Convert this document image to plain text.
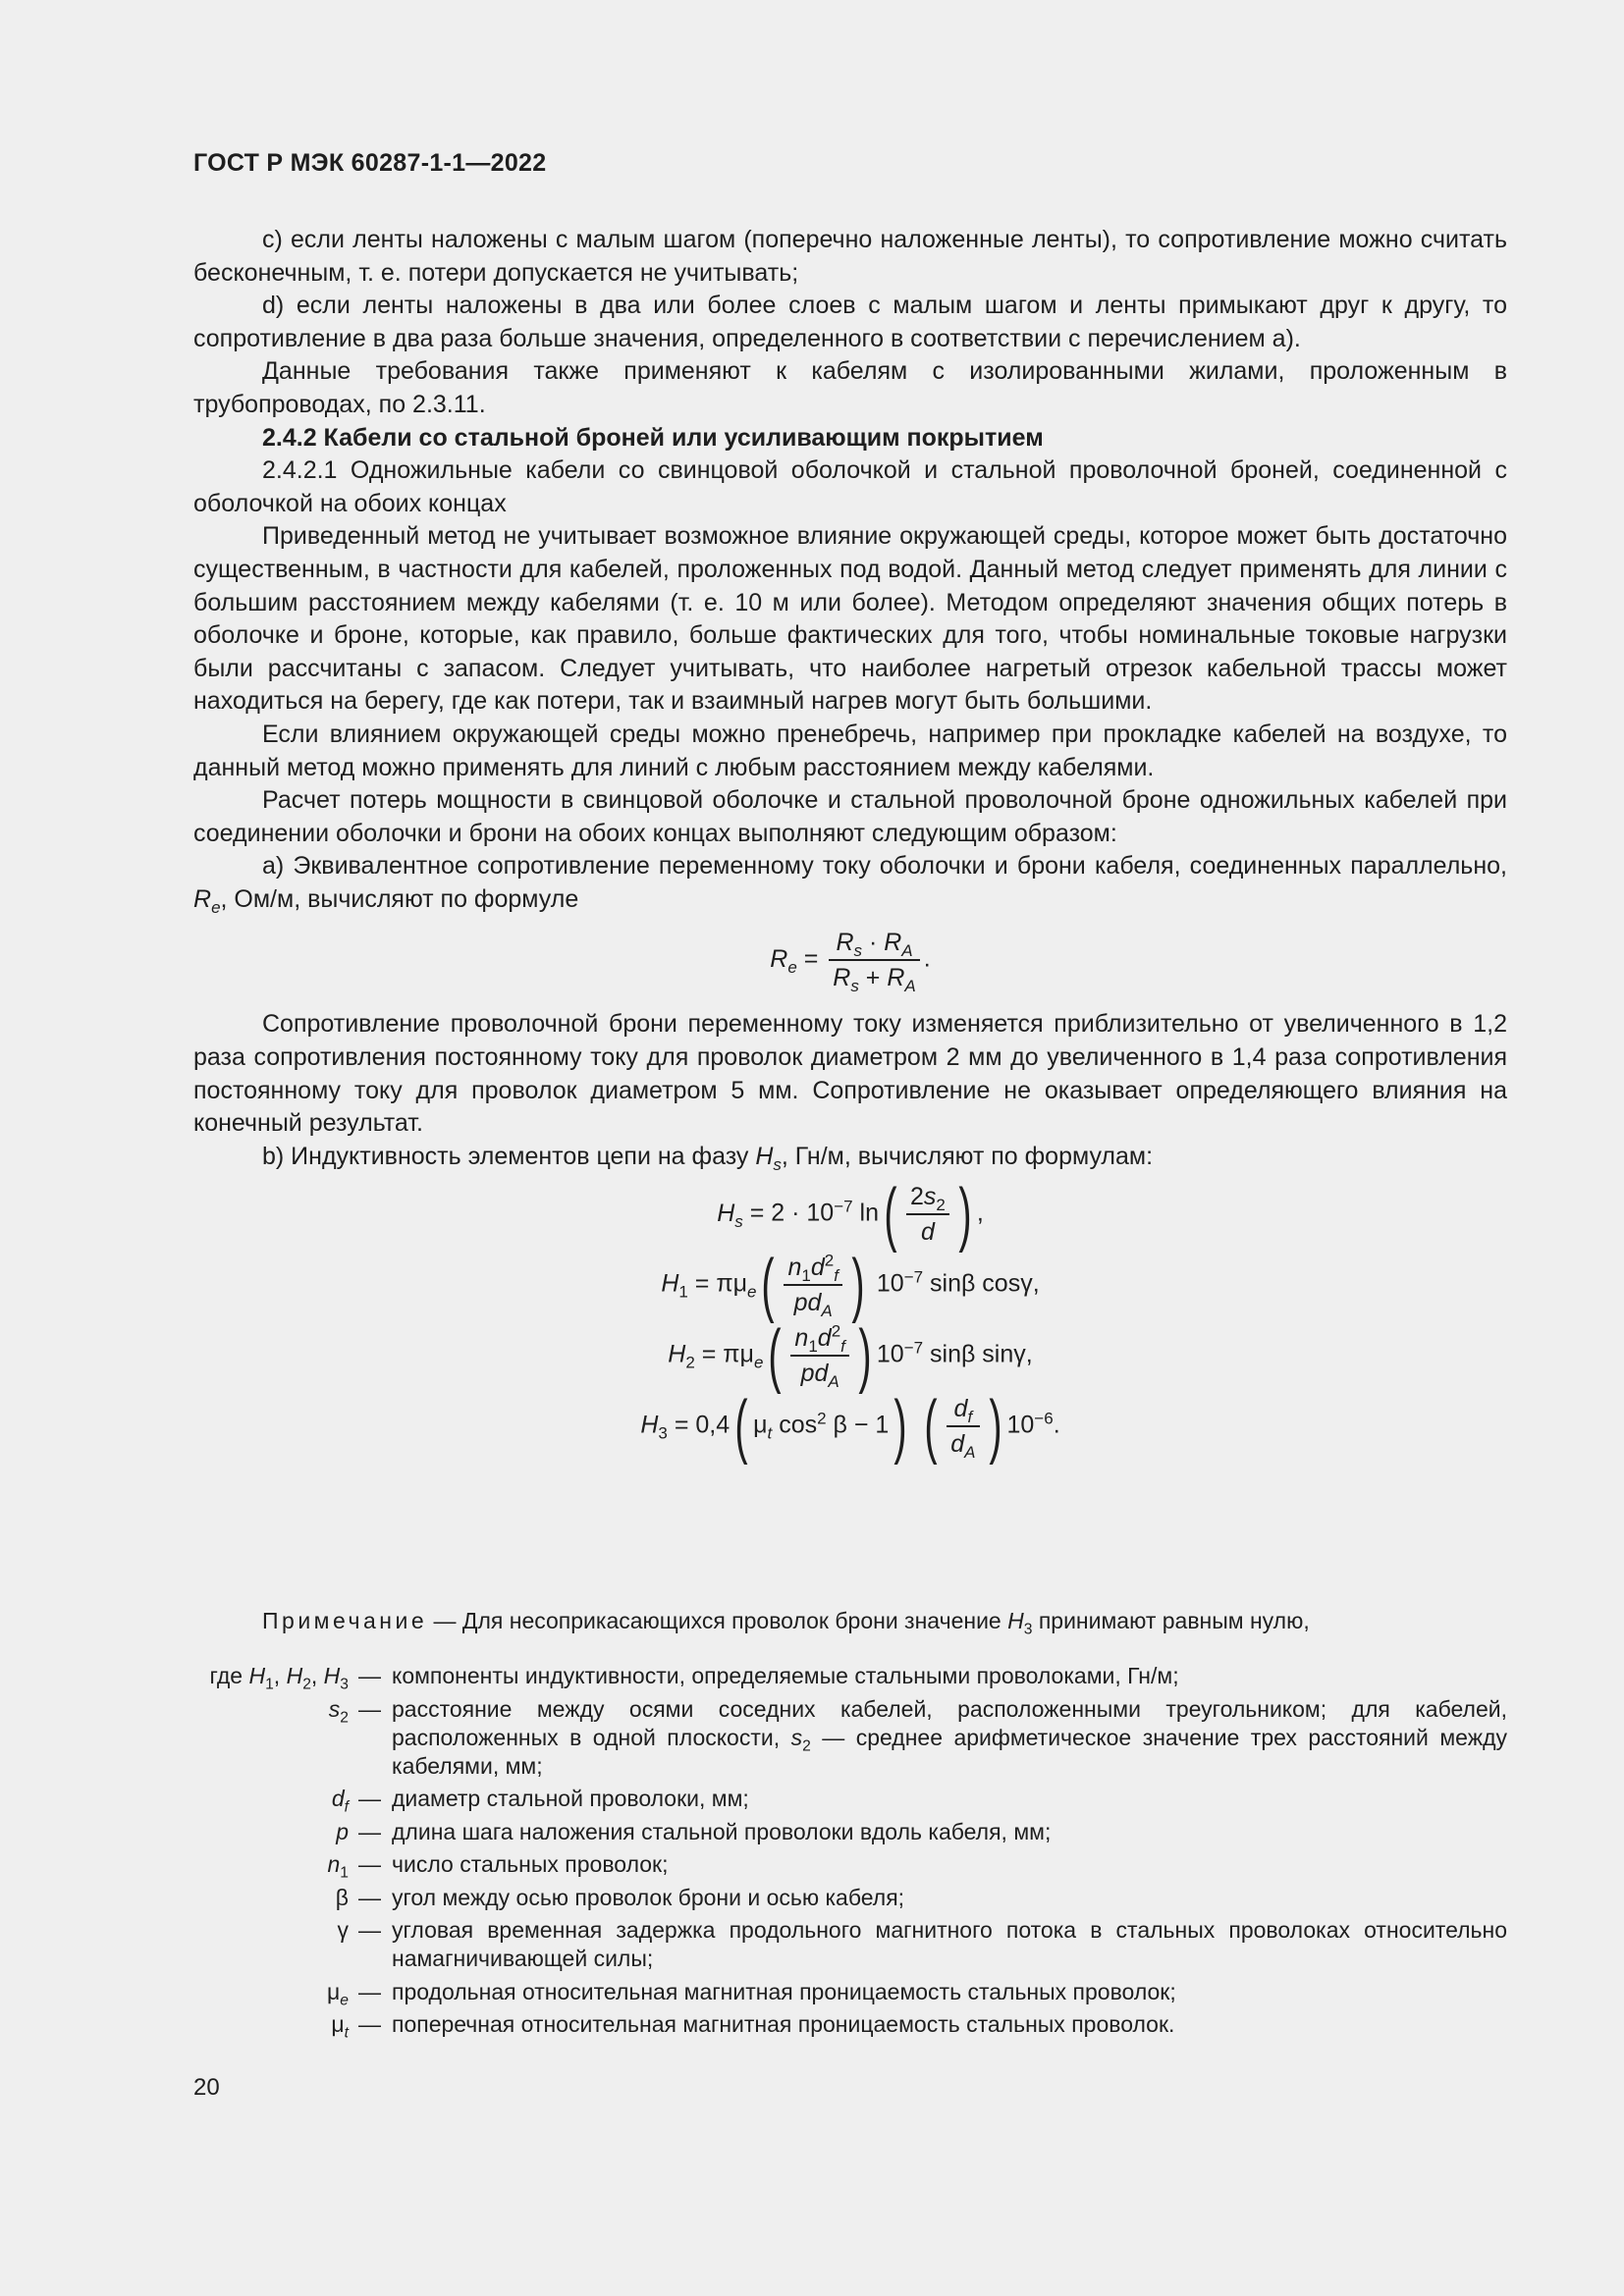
ГОСТ Р МЭК 60287-1-1—2022

c) если ленты наложены с малым шагом (поперечно наложенные ленты), то сопротивление можно считать бесконечным, т. е. потери допускается не учитывать;

d) если ленты наложены в два или более слоев с малым шагом и ленты примыкают друг к другу, то сопротивление в два раза больше значения, определенного в соответствии с перечислением а).

Данные требования также применяют к кабелям с изолированными жилами, проложенным в трубопроводах, по 2.3.11.

2.4.2 Кабели со стальной броней или усиливающим покрытием

2.4.2.1 Одножильные кабели со свинцовой оболочкой и стальной проволочной броней, соединенной с оболочкой на обоих концах

Приведенный метод не учитывает возможное влияние окружающей среды, которое может быть достаточно существенным, в частности для кабелей, проложенных под водой. Данный метод следует применять для линии с большим расстоянием между кабелями (т. е. 10 м или более). Методом определяют значения общих потерь в оболочке и броне, которые, как правило, больше фактических для того, чтобы номинальные токовые нагрузки были рассчитаны с запасом. Следует учитывать, что наиболее нагретый отрезок кабельной трассы может находиться на берегу, где как потери, так и взаимный нагрев могут быть большими.

Если влиянием окружающей среды можно пренебречь, например при прокладке кабелей на воздухе, то данный метод можно применять для линий с любым расстоянием между кабелями.

Расчет потерь мощности в свинцовой оболочке и стальной проволочной броне одножильных кабелей при соединении оболочки и брони на обоих концах выполняют следующим образом:

а) Эквивалентное сопротивление переменному току оболочки и брони кабеля, соединенных параллельно, $R_e$, Ом/м, вычисляют по формуле

$R_e = \frac{R_s \cdot R_A}{R_s + R_A}$ .

Сопротивление проволочной брони переменному току изменяется приблизительно от увеличенного в 1,2 раза сопротивления постоянному току для проволок диаметром 2 мм до увеличенного в 1,4 раза сопротивления постоянному току для проволок диаметром 5 мм. Сопротивление не оказывает определяющего влияния на конечный результат.

b) Индуктивность элементов цепи на фазу $H_s$, Гн/м, вычисляют по формулам:

$H_s = 2 \cdot 10^{-7}$ $\ln( \frac{2s_2}{d}$ ) ,
$H_1 = \pi\mu_e( \frac{n_1d^2_f}{pd_A}$ ) $10^{-7}$ sinβ cosγ,
$H_2 = \pi\mu_e( \frac{n_1d^2_f}{pd_A}$ ) $10^{-7}$ sinβ sinγ,
$H_3 = 0,4$( $\mu_t$ $\cos^2 \beta - 1$) ( $\frac{d_f}{d_A}$ ) $10^{-6}$.
Примечание — Для несоприкасающихся проволок брони значение $H_3$ принимают равным нулю,
где $H_1$, $H_2$, $H_3$ — компоненты индуктивности, определяемые стальными проволоками, Гн/м;
$s_2$ — расстояние между осями соседних кабелей, расположенными треугольником; для кабелей, расположенных в одной плоскости, $s_2$ — среднее арифметическое значение трех расстояний между кабелями, мм;
$d_f$ — диаметр стальной проволоки, мм;
p — длина шага наложения стальной проволоки вдоль кабеля, мм;
$n_1$ — число стальных проволок;
β — угол между осью проволок брони и осью кабеля;
γ — угловая временная задержка продольного магнитного потока в стальных проволоках относительно намагничивающей силы;
$\mu_e$ — продольная относительная магнитная проницаемость стальных проволок;
$\mu_t$ — поперечная относительная магнитная проницаемость стальных проволок.
20
